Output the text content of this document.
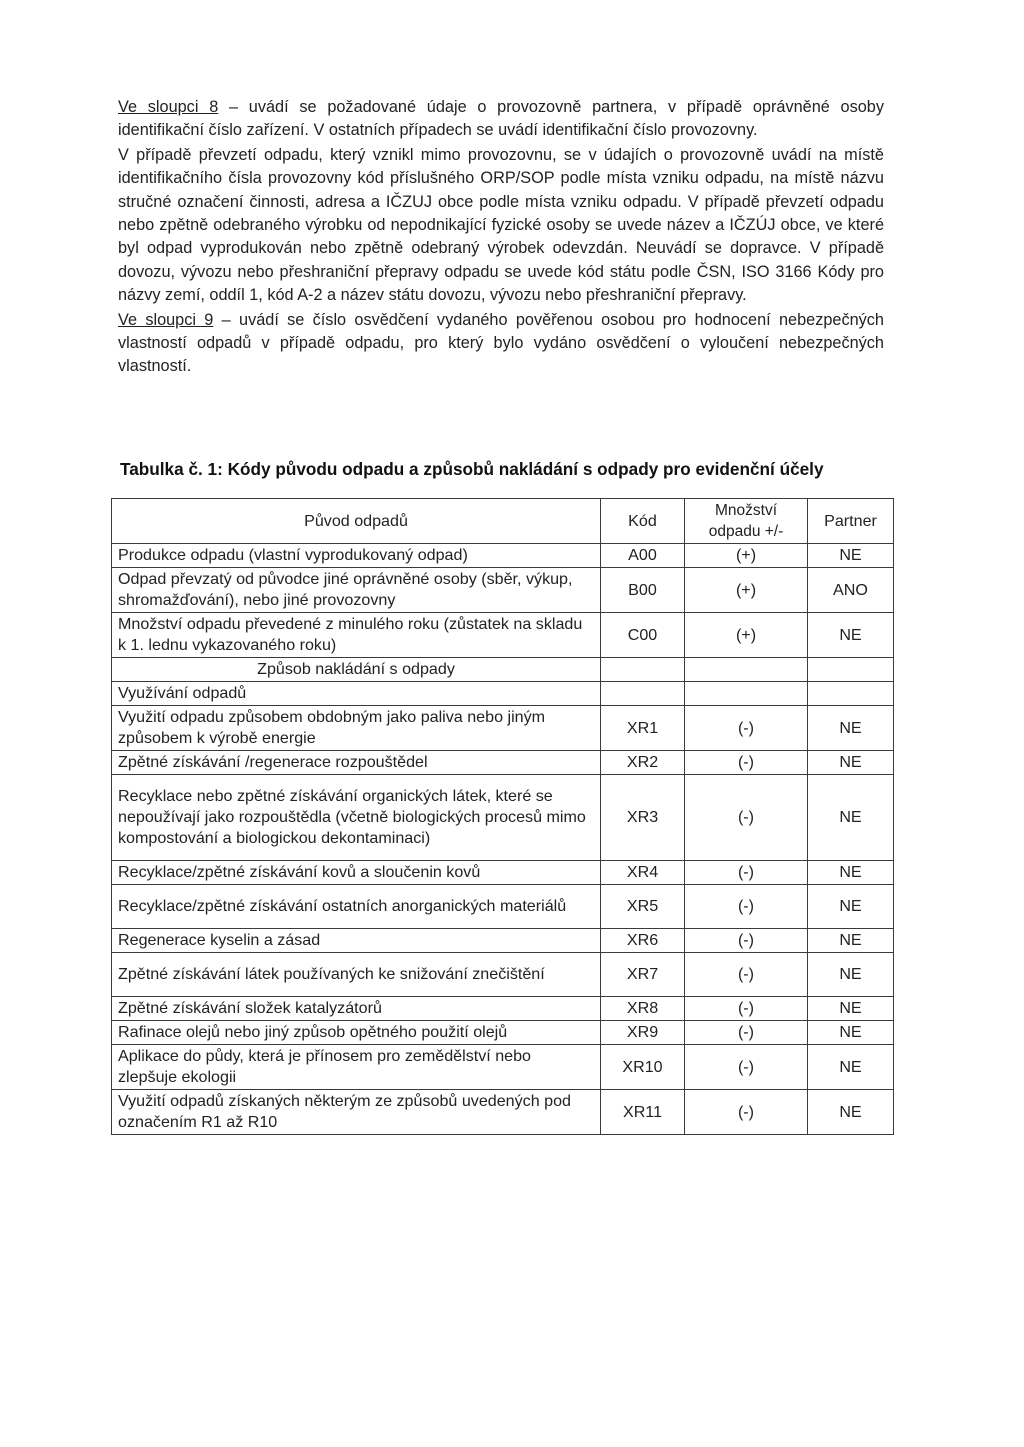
Ve sloupci 8 – uvádí se požadované údaje o provozovně partnera, v případě oprávněné osoby identifikační číslo zařízení. V ostatních případech se uvádí identifikační číslo provozovny.

V případě převzetí odpadu, který vznikl mimo provozovnu, se v údajích o provozovně uvádí na místě identifikačního čísla provozovny kód příslušného ORP/SOP podle místa vzniku odpadu, na místě názvu stručné označení činnosti, adresa a IČZUJ obce podle místa vzniku odpadu. V případě převzetí odpadu nebo zpětně odebraného výrobku od nepodnikající fyzické osoby se uvede název a IČZÚJ obce, ve které byl odpad vyprodukován nebo zpětně odebraný výrobek odevzdán. Neuvádí se dopravce. V případě dovozu, vývozu nebo přeshraniční přepravy odpadu se uvede kód státu podle ČSN, ISO 3166 Kódy pro názvy zemí, oddíl 1, kód A-2 a název státu dovozu, vývozu nebo přeshraniční přepravy.

Ve sloupci 9 – uvádí se číslo osvědčení vydaného pověřenou osobou pro hodnocení nebezpečných vlastností odpadů v případě odpadu, pro který bylo vydáno osvědčení o vyloučení nebezpečných vlastností.

Tabulka č. 1: Kódy původu odpadu a způsobů nakládání s odpady pro evidenční účely
Původ odpadů	Kód	Množství odpadu +/-	Partner
Produkce odpadu (vlastní vyprodukovaný odpad)	A00	(+)	NE
Odpad převzatý od původce jiné oprávněné osoby (sběr, výkup, shromažďování), nebo jiné provozovny	B00	(+)	ANO
Množství odpadu převedené z minulého roku (zůstatek na skladu k 1. lednu vykazovaného roku)	C00	(+)	NE
Způsob nakládání s odpady			
Využívání odpadů			
Využití odpadu způsobem obdobným jako paliva nebo jiným způsobem k výrobě energie	XR1	(-)	NE
Zpětné získávání /regenerace rozpouštědel	XR2	(-)	NE
Recyklace nebo zpětné získávání organických látek, které se nepoužívají jako rozpouštědla (včetně biologických procesů mimo kompostování a biologickou dekontaminaci)	XR3	(-)	NE
Recyklace/zpětné získávání kovů a sloučenin kovů	XR4	(-)	NE
Recyklace/zpětné získávání ostatních anorganických materiálů	XR5	(-)	NE
Regenerace kyselin a zásad	XR6	(-)	NE
Zpětné získávání látek používaných ke snižování znečištění	XR7	(-)	NE
Zpětné získávání složek katalyzátorů	XR8	(-)	NE
Rafinace olejů nebo jiný způsob opětného použití olejů	XR9	(-)	NE
Aplikace do půdy, která je přínosem pro zemědělství nebo zlepšuje ekologii	XR10	(-)	NE
Využití odpadů získaných některým ze způsobů uvedených pod označením R1 až R10	XR11	(-)	NE
